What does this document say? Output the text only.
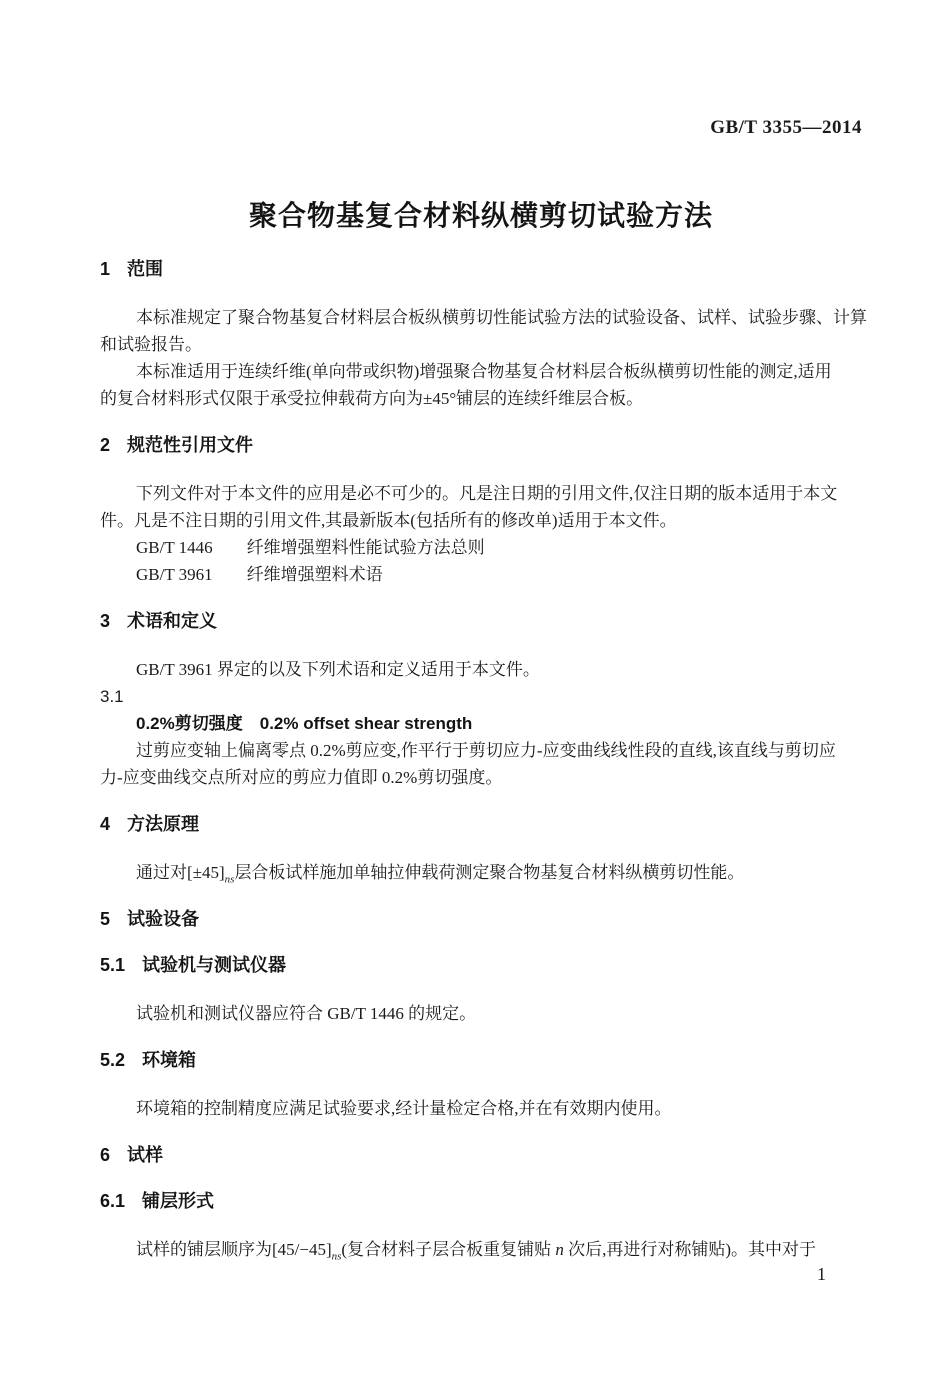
GB/T 3355—2014
聚合物基复合材料纵横剪切试验方法
1 范围
本标准规定了聚合物基复合材料层合板纵横剪切性能试验方法的试验设备、试样、试验步骤、计算
和试验报告。
本标准适用于连续纤维(单向带或织物)增强聚合物基复合材料层合板纵横剪切性能的测定,适用
的复合材料形式仅限于承受拉伸载荷方向为±45°铺层的连续纤维层合板。
2 规范性引用文件
下列文件对于本文件的应用是必不可少的。凡是注日期的引用文件,仅注日期的版本适用于本文
件。凡是不注日期的引用文件,其最新版本(包括所有的修改单)适用于本文件。
GB/T 1446　　纤维增强塑料性能试验方法总则
GB/T 3961　　纤维增强塑料术语
3 术语和定义
GB/T 3961 界定的以及下列术语和定义适用于本文件。
3.1
0.2%剪切强度　0.2% offset shear strength
过剪应变轴上偏离零点 0.2%剪应变,作平行于剪切应力-应变曲线线性段的直线,该直线与剪切应
力-应变曲线交点所对应的剪应力值即 0.2%剪切强度。
4 方法原理
通过对$[\pm 45]_{ns}$层合板试样施加单轴拉伸载荷测定聚合物基复合材料纵横剪切性能。
5 试验设备
5.1 试验机与测试仪器
试验机和测试仪器应符合 GB/T 1446 的规定。
5.2 环境箱
环境箱的控制精度应满足试验要求,经计量检定合格,并在有效期内使用。
6 试样
6.1 铺层形式
试样的铺层顺序为$[45/-45]_{ns}$(复合材料子层合板重复铺贴 n 次后,再进行对称铺贴)。其中对于
1
